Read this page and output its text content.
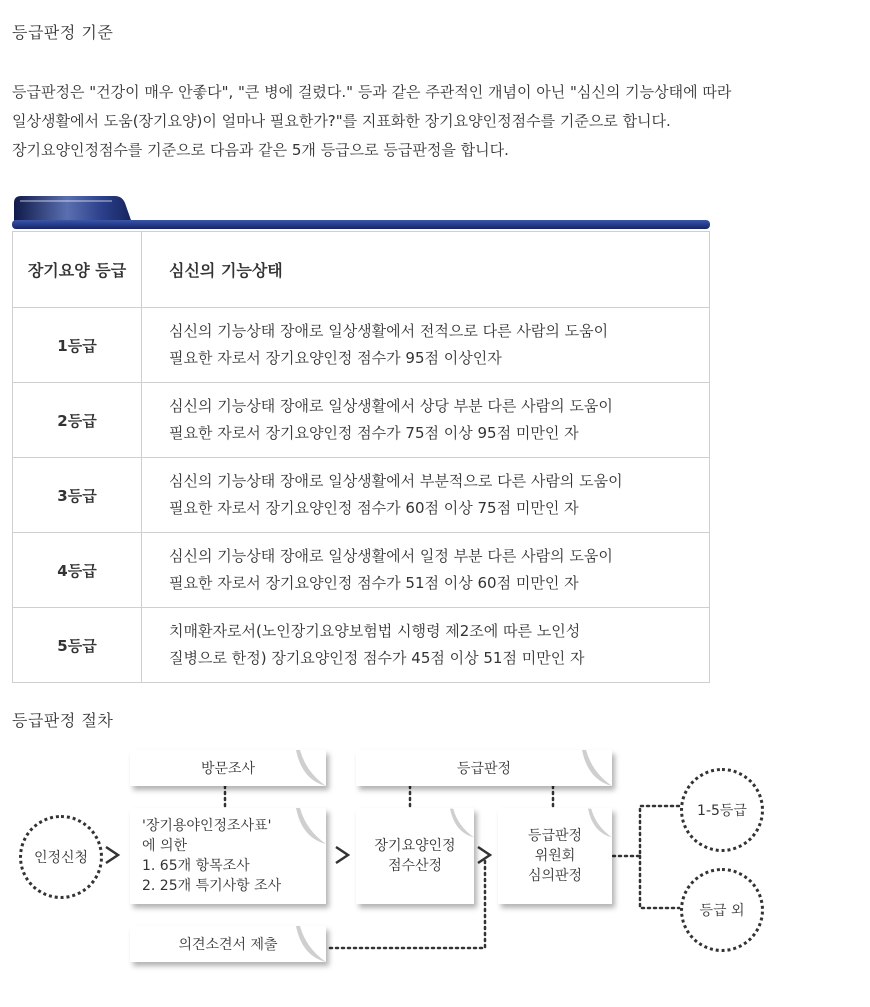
등급판정 기준

등급판정은 "건강이 매우 안좋다", "큰 병에 걸렸다." 등과 같은 주관적인 개념이 아닌 "심신의 기능상태에 따라

일상생활에서 도움(장기요양)이 얼마나 필요한가?"를 지표화한 장기요양인정점수를 기준으로 합니다.

장기요양인정점수를 기준으로 다음과 같은 5개 등급으로 등급판정을 합니다.

장기요양 등급	심신의 기능상태
1등급	심신의 기능상태 장애로 일상생활에서 전적으로 다른 사람의 도움이
필요한 자로서 장기요양인정 점수가 95점 이상인자

2등급	심신의 기능상태 장애로 일상생활에서 상당 부분 다른 사람의 도움이
필요한 자로서 장기요양인정 점수가 75점 이상 95점 미만인 자

3등급	심신의 기능상태 장애로 일상생활에서 부분적으로 다른 사람의 도움이
필요한 자로서 장기요양인정 점수가 60점 이상 75점 미만인 자

4등급	심신의 기능상태 장애로 일상생활에서 일정 부분 다른 사람의 도움이
필요한 자로서 장기요양인정 점수가 51점 이상 60점 미만인 자

5등급	치매환자로서(노인장기요양보험법 시행령 제2조에 따른 노인성
질병으로 한정) 장기요양인정 점수가 45점 이상 51점 미만인 자
등급판정 절차
인정신청
방문조사
'장기용야인정조사표'
에 의한
1. 65개 항목조사
2. 25개 특기사항 조사
의견소견서 제출
등급판정
장기요양인정
점수산정
등급판정
위원회
심의판정
1-5등급
등급 외
